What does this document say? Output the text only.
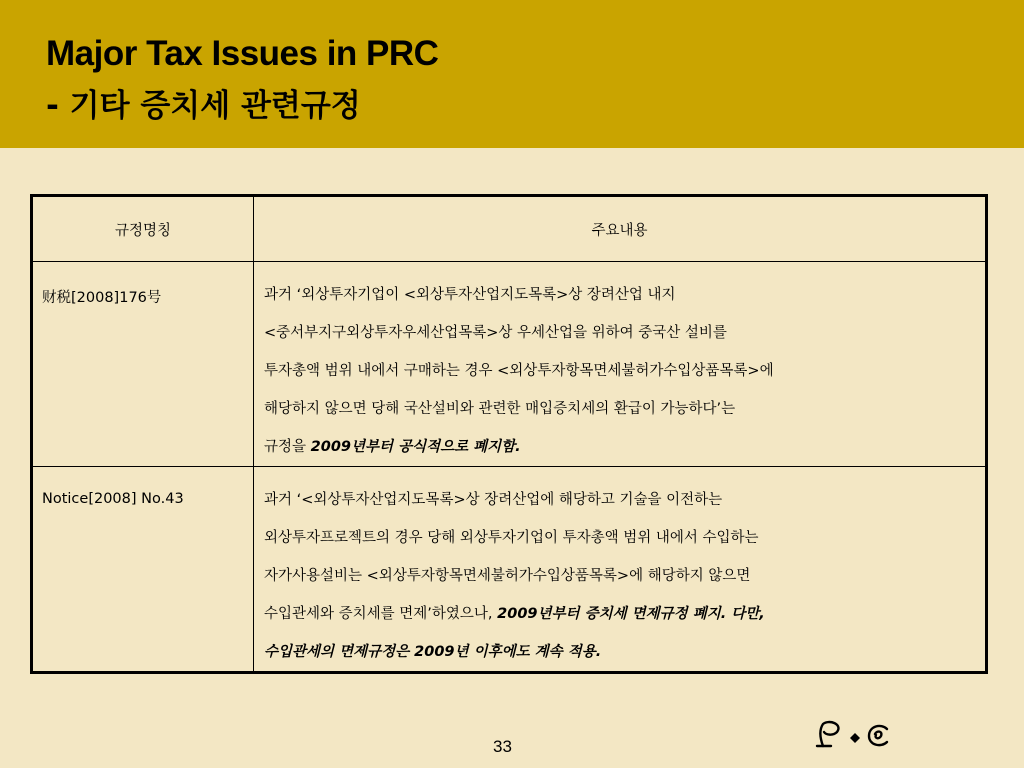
Major Tax Issues in PRC
- 기타 증치세 관련규정
규정명칭	주요내용
财税[2008]176号	과거 ‘외상투자기업이 <외상투자산업지도목록>상 장려산업 내지
<중서부지구외상투자우세산업목록>상 우세산업을 위하여 중국산 설비를
투자총액 범위 내에서 구매하는 경우 <외상투자항목면세불허가수입상품목록>에
해당하지 않으면 당해 국산설비와 관련한 매입증치세의 환급이 가능하다’는
규정을 2009년부터 공식적으로 폐지함.

Notice[2008] No.43	과거 ‘<외상투자산업지도목록>상 장려산업에 해당하고 기술을 이전하는
외상투자프로젝트의 경우 당해 외상투자기업이 투자총액 범위 내에서 수입하는
자가사용설비는 <외상투자항목면세불허가수입상품목록>에 해당하지 않으면
수입관세와 증치세를 면제’하였으나, 2009년부터 증치세 면제규정 폐지. 다만,
수입관세의 면제규정은 2009년 이후에도 계속 적용.
33
